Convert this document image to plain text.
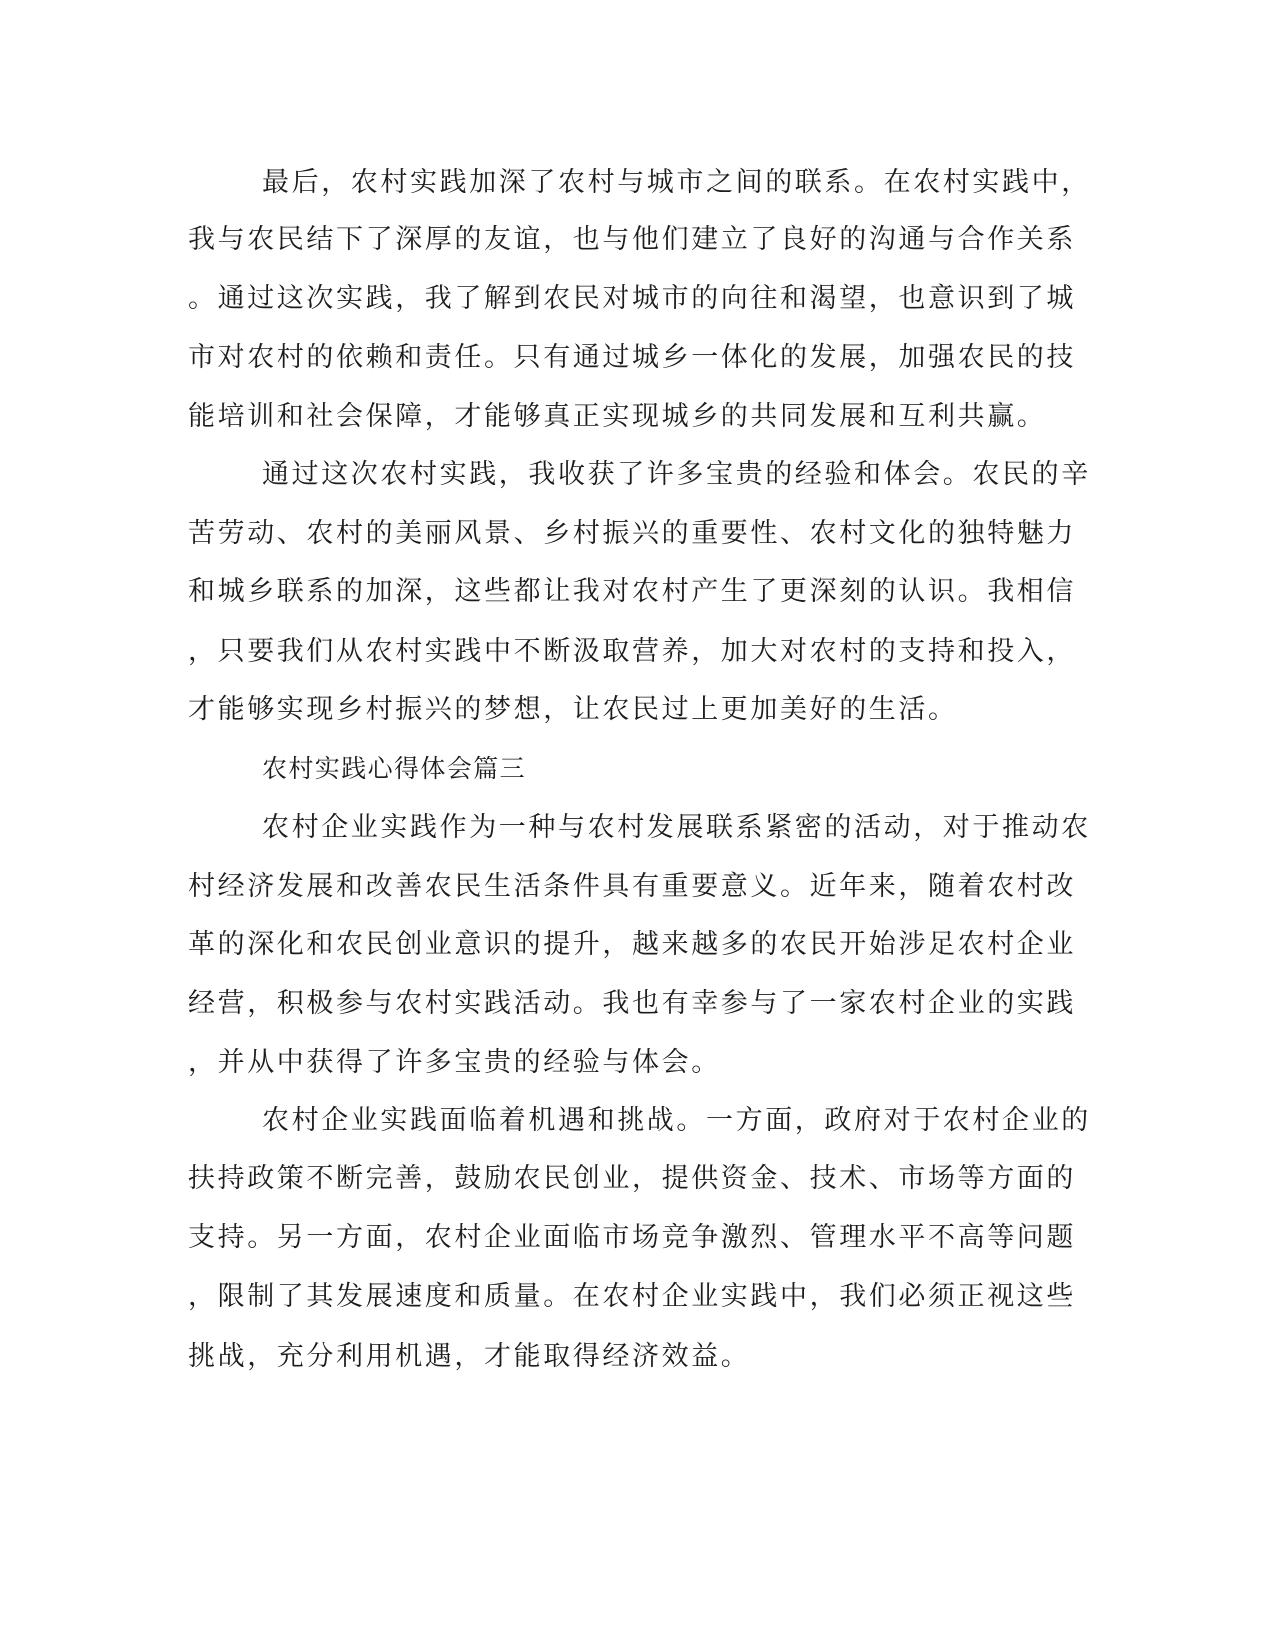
最后，农村实践加深了农村与城市之间的联系。在农村实践中，
我与农民结下了深厚的友谊，也与他们建立了良好的沟通与合作关系
。通过这次实践，我了解到农民对城市的向往和渴望，也意识到了城
市对农村的依赖和责任。只有通过城乡一体化的发展，加强农民的技
能培训和社会保障，才能够真正实现城乡的共同发展和互利共赢。
通过这次农村实践，我收获了许多宝贵的经验和体会。农民的辛
苦劳动、农村的美丽风景、乡村振兴的重要性、农村文化的独特魅力
和城乡联系的加深，这些都让我对农村产生了更深刻的认识。我相信
，只要我们从农村实践中不断汲取营养，加大对农村的支持和投入，
才能够实现乡村振兴的梦想，让农民过上更加美好的生活。
农村实践心得体会篇三
农村企业实践作为一种与农村发展联系紧密的活动，对于推动农
村经济发展和改善农民生活条件具有重要意义。近年来，随着农村改
革的深化和农民创业意识的提升，越来越多的农民开始涉足农村企业
经营，积极参与农村实践活动。我也有幸参与了一家农村企业的实践
，并从中获得了许多宝贵的经验与体会。
农村企业实践面临着机遇和挑战。一方面，政府对于农村企业的
扶持政策不断完善，鼓励农民创业，提供资金、技术、市场等方面的
支持。另一方面，农村企业面临市场竞争激烈、管理水平不高等问题
，限制了其发展速度和质量。在农村企业实践中，我们必须正视这些
挑战，充分利用机遇，才能取得经济效益。
